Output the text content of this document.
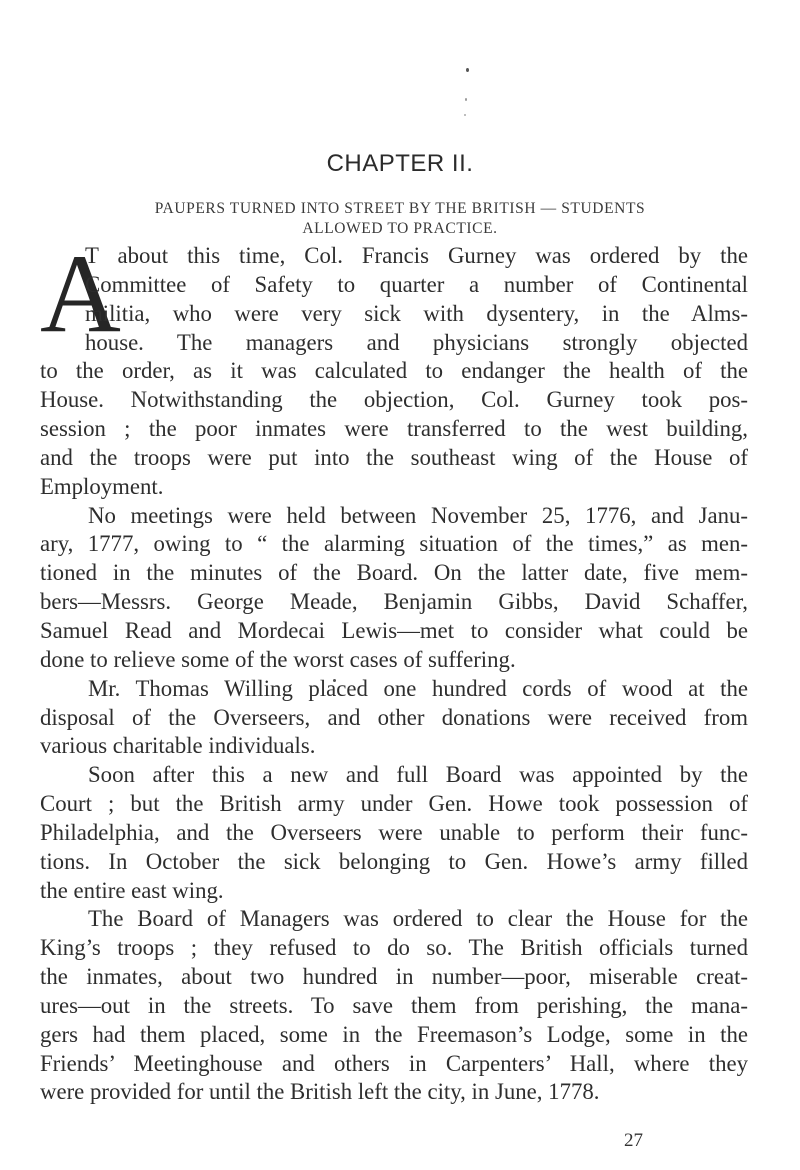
CHAPTER II.
PAUPERS TURNED INTO STREET BY THE BRITISH — STUDENTS
ALLOWED TO PRACTICE.
A
T about this time, Col. Francis Gurney was ordered by the
Committee of Safety to quarter a number of Continental
militia, who were very sick with dysentery, in the Alms-
house. The managers and physicians strongly objected
to the order, as it was calculated to endanger the health of the
House. Notwithstanding the objection, Col. Gurney took pos-
session ; the poor inmates were transferred to the west building,
and the troops were put into the southeast wing of the House of
Employment.
No meetings were held between November 25, 1776, and Janu-
ary, 1777, owing to “ the alarming situation of the times,” as men-
tioned in the minutes of the Board. On the latter date, five mem-
bers—Messrs. George Meade, Benjamin Gibbs, David Schaffer,
Samuel Read and Mordecai Lewis—met to consider what could be
done to relieve some of the worst cases of suffering.
Mr. Thomas Willing placed one hundred cords of wood at the
disposal of the Overseers, and other donations were received from
various charitable individuals.
Soon after this a new and full Board was appointed by the
Court ; but the British army under Gen. Howe took possession of
Philadelphia, and the Overseers were unable to perform their func-
tions. In October the sick belonging to Gen. Howe’s army filled
the entire east wing.
The Board of Managers was ordered to clear the House for the
King’s troops ; they refused to do so. The British officials turned
the inmates, about two hundred in number—poor, miserable creat-
ures—out in the streets. To save them from perishing, the mana-
gers had them placed, some in the Freemason’s Lodge, some in the
Friends’ Meetinghouse and others in Carpenters’ Hall, where they
were provided for until the British left the city, in June, 1778.
27
